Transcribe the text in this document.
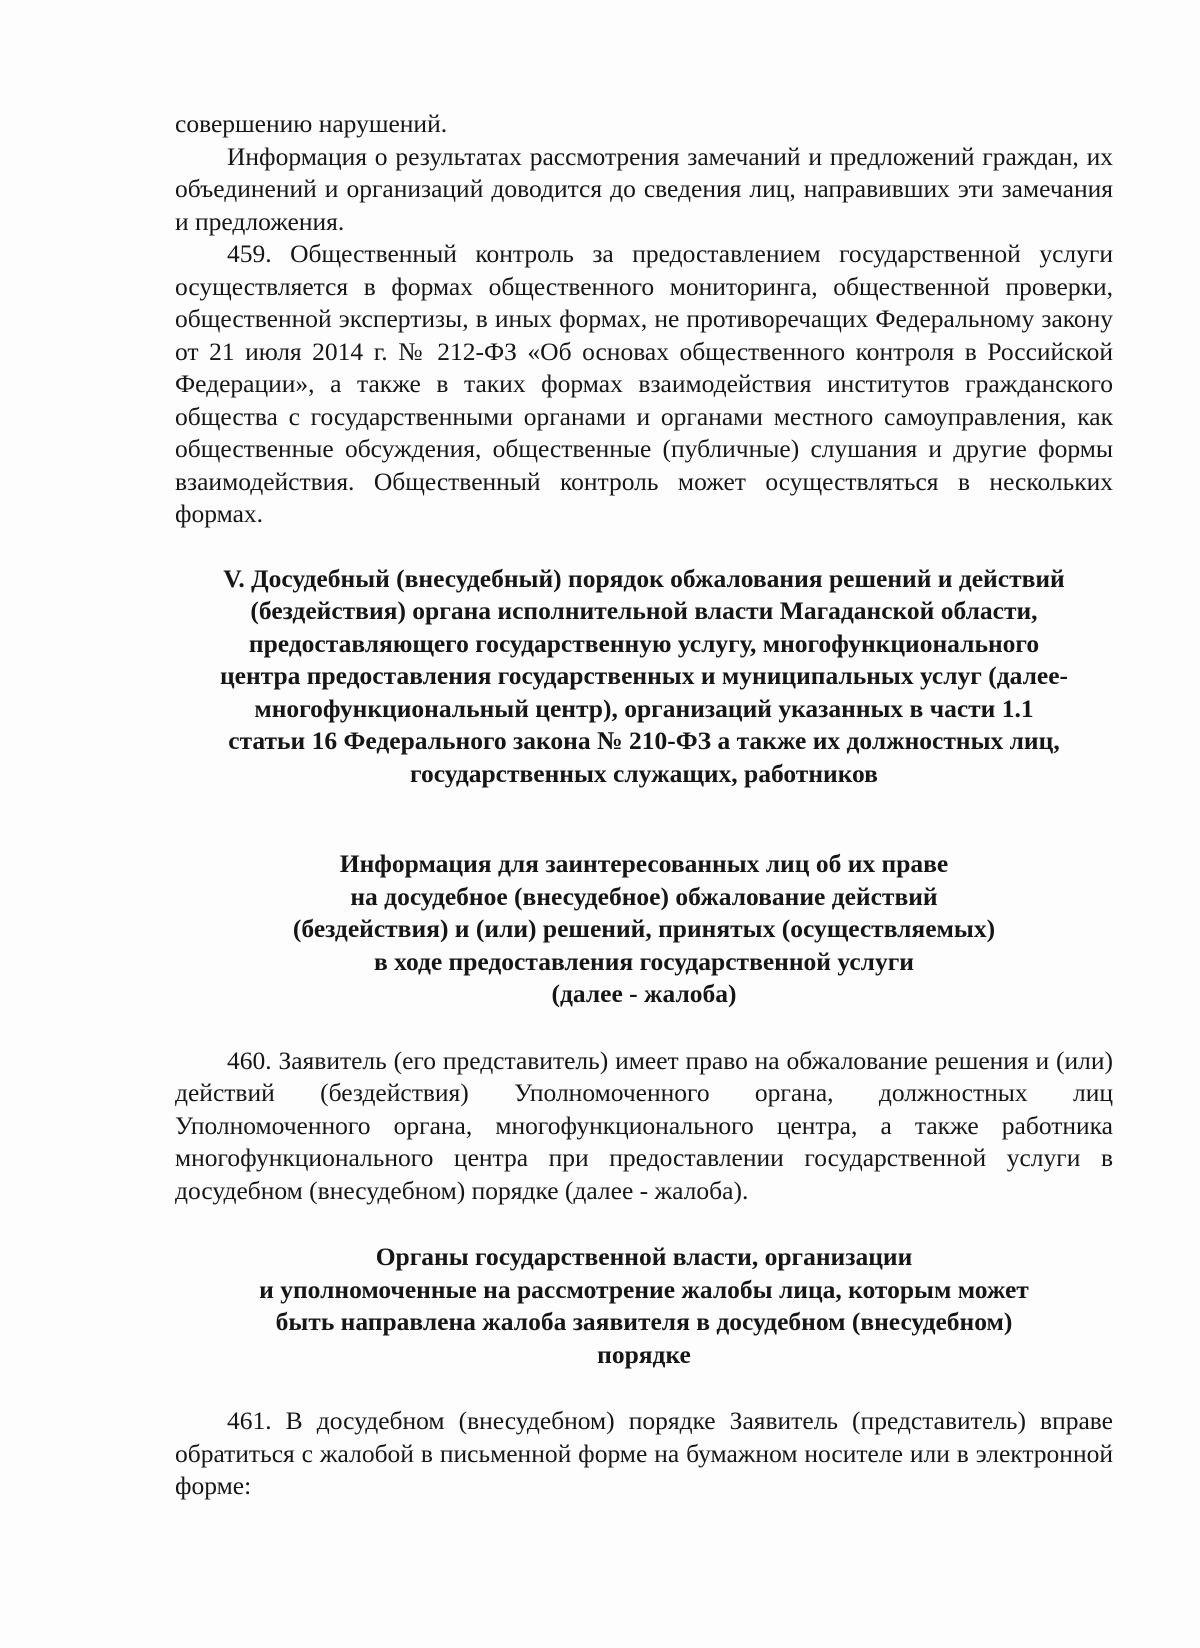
совершению нарушений.

Информация о результатах рассмотрения замечаний и предложений граждан, их объединений и организаций доводится до сведения лиц, направивших эти замечания и предложения.

459. Общественный контроль за предоставлением государственной услуги осуществляется в формах общественного мониторинга, общественной проверки, общественной экспертизы, в иных формах, не противоречащих Федеральному закону от 21 июля 2014 г. № 212-ФЗ «Об основах общественного контроля в Российской Федерации», а также в таких формах взаимодействия институтов гражданского общества с государственными органами и органами местного самоуправления, как общественные обсуждения, общественные (публичные) слушания и другие формы взаимодействия. Общественный контроль может осуществляться в нескольких формах.

V. Досудебный (внесудебный) порядок обжалования решений и действий
(бездействия) органа исполнительной власти Магаданской области,
предоставляющего государственную услугу, многофункционального
центра предоставления государственных и муниципальных услуг (далее-
многофункциональный центр), организаций указанных в части 1.1
статьи 16 Федерального закона № 210-ФЗ а также их должностных лиц,
государственных служащих, работников
Информация для заинтересованных лиц об их праве
на досудебное (внесудебное) обжалование действий
(бездействия) и (или) решений, принятых (осуществляемых)
в ходе предоставления государственной услуги
(далее - жалоба)

460. Заявитель (его представитель) имеет право на обжалование решения и (или) действий (бездействия) Уполномоченного органа, должностных лиц Уполномоченного органа, многофункционального центра, а также работника многофункционального центра при предоставлении государственной услуги в досудебном (внесудебном) порядке (далее - жалоба).

Органы государственной власти, организации
и уполномоченные на рассмотрение жалобы лица, которым может
быть направлена жалоба заявителя в досудебном (внесудебном)
порядке

461. В досудебном (внесудебном) порядке Заявитель (представитель) вправе обратиться с жалобой в письменной форме на бумажном носителе или в электронной форме:
